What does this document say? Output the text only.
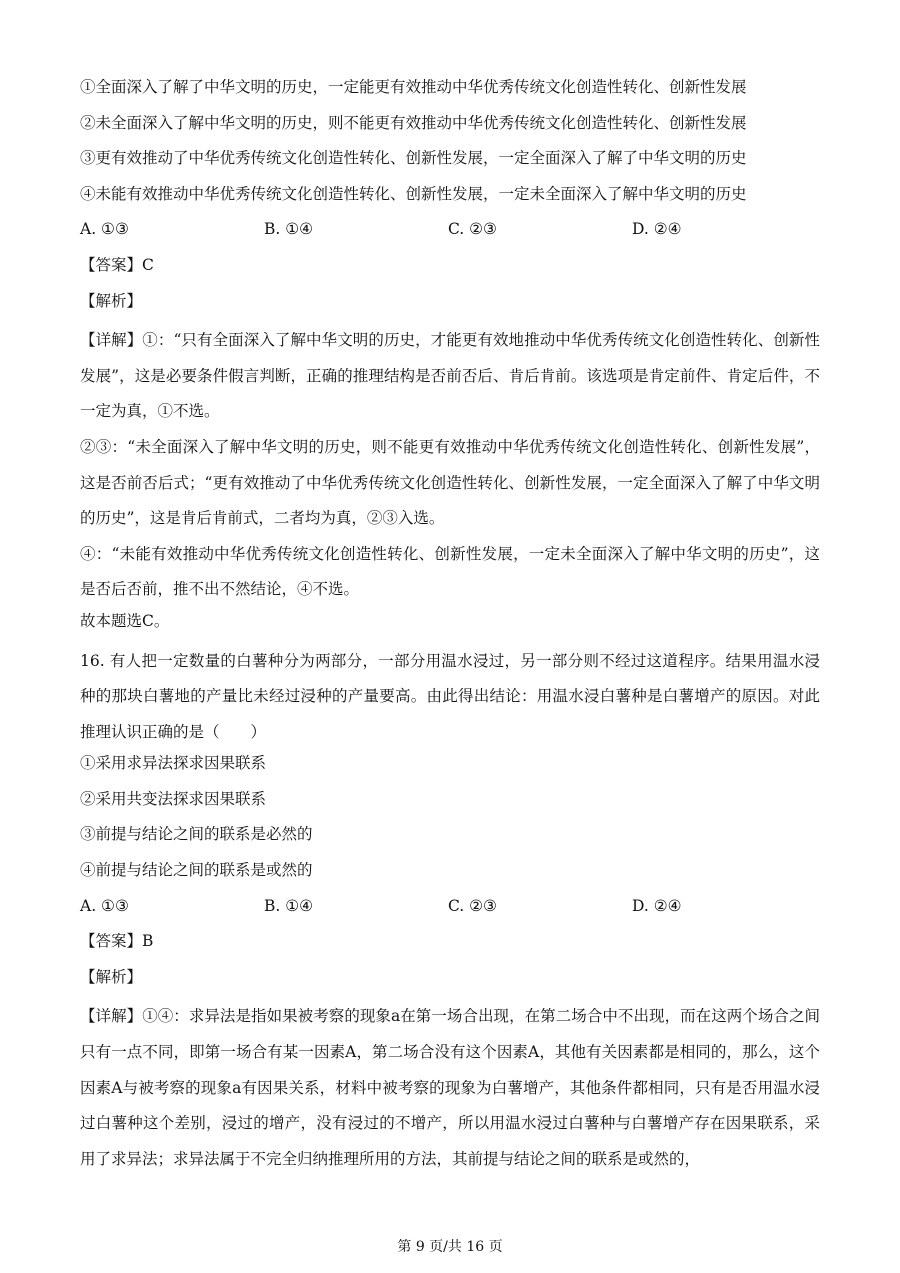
①全面深入了解了中华文明的历史，一定能更有效推动中华优秀传统文化创造性转化、创新性发展
②未全面深入了解中华文明的历史，则不能更有效推动中华优秀传统文化创造性转化、创新性发展
③更有效推动了中华优秀传统文化创造性转化、创新性发展，一定全面深入了解了中华文明的历史
④未能有效推动中华优秀传统文化创造性转化、创新性发展，一定未全面深入了解中华文明的历史
A. ①③	B. ①④	C. ②③	D. ②④
【答案】C
【解析】
【详解】①：“只有全面深入了解中华文明的历史，才能更有效地推动中华优秀传统文化创造性转化、创新性发展”，这是必要条件假言判断，正确的推理结构是否前否后、肯后肯前。该选项是肯定前件、肯定后件，不一定为真，①不选。
②③：“未全面深入了解中华文明的历史，则不能更有效推动中华优秀传统文化创造性转化、创新性发展”，这是否前否后式；“更有效推动了中华优秀传统文化创造性转化、创新性发展，一定全面深入了解了中华文明的历史”，这是肯后肯前式，二者均为真，②③入选。
④：“未能有效推动中华优秀传统文化创造性转化、创新性发展，一定未全面深入了解中华文明的历史”，这是否后否前，推不出不然结论，④不选。
故本题选C。
16. 有人把一定数量的白薯种分为两部分，一部分用温水浸过，另一部分则不经过这道程序。结果用温水浸种的那块白薯地的产量比未经过浸种的产量要高。由此得出结论：用温水浸白薯种是白薯增产的原因。对此推理认识正确的是（　　）
①采用求异法探求因果联系
②采用共变法探求因果联系
③前提与结论之间的联系是必然的
④前提与结论之间的联系是或然的
A. ①③	B. ①④	C. ②③	D. ②④
【答案】B
【解析】
【详解】①④：求异法是指如果被考察的现象a在第一场合出现，在第二场合中不出现，而在这两个场合之间只有一点不同，即第一场合有某一因素A，第二场合没有这个因素A，其他有关因素都是相同的，那么，这个因素A与被考察的现象a有因果关系，材料中被考察的现象为白薯增产，其他条件都相同，只有是否用温水浸过白薯种这个差别，浸过的增产，没有浸过的不增产，所以用温水浸过白薯种与白薯增产存在因果联系，采用了求异法；求异法属于不完全归纳推理所用的方法，其前提与结论之间的联系是或然的，
第 9 页/共 16 页
